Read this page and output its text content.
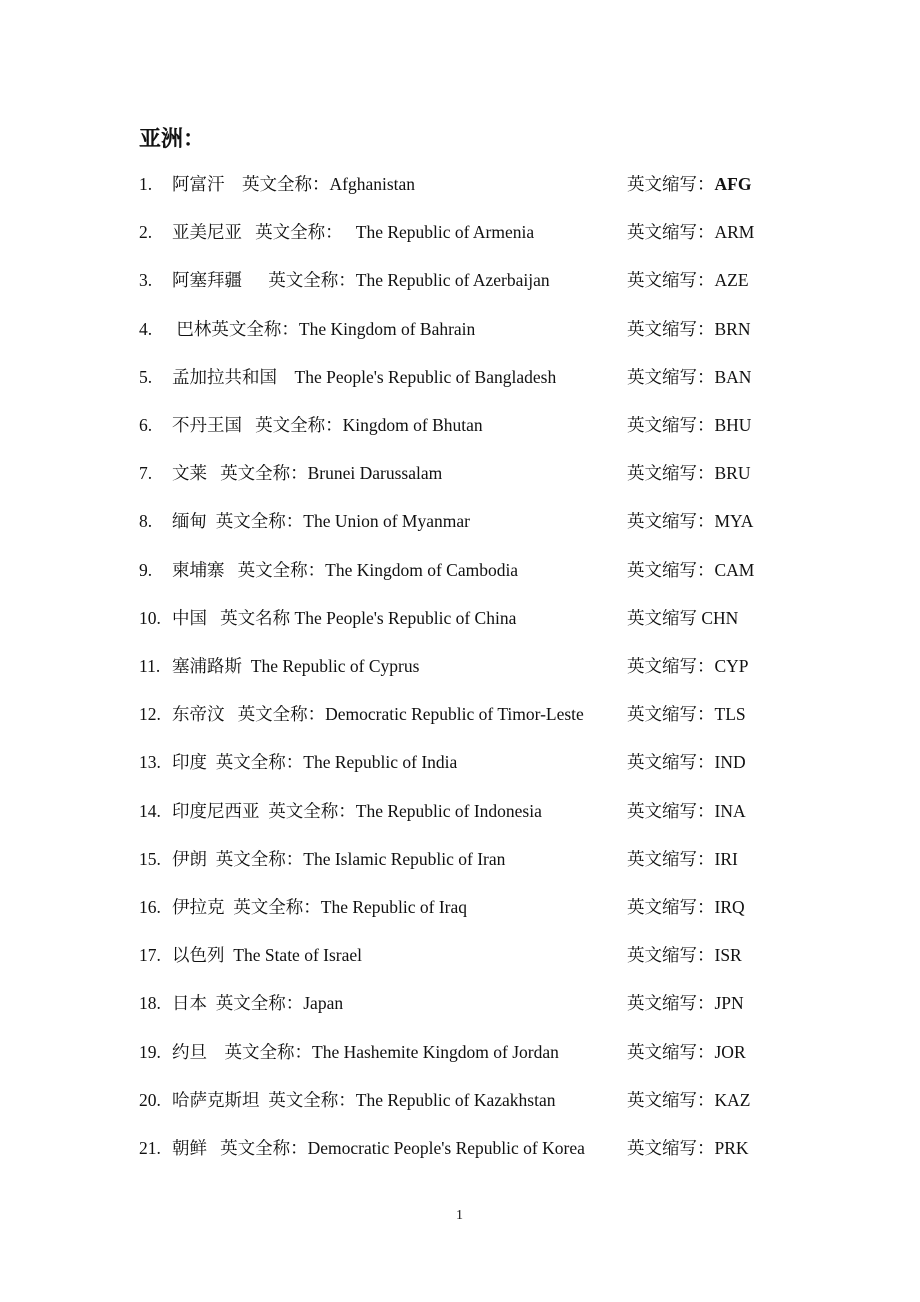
亚洲：
1. 阿富汗    英文全称：Afghanistan	英文缩写：AFG
2. 亚美尼亚   英文全称：   The Republic of Armenia	英文缩写：ARM
3. 阿塞拜疆      英文全称：The Republic of Azerbaijan	英文缩写：AZE
4. 巴林英文全称：The Kingdom of Bahrain	英文缩写：BRN
5. 孟加拉共和国    The People's Republic of Bangladesh	英文缩写：BAN
6. 不丹王国   英文全称：Kingdom of Bhutan	英文缩写：BHU
7. 文莱   英文全称：Brunei Darussalam	英文缩写：BRU
8. 缅甸  英文全称：The Union of Myanmar	英文缩写：MYA
9. 柬埔寨   英文全称：The Kingdom of Cambodia	英文缩写：CAM
10. 中国   英文名称 The People's Republic of China	英文缩写 CHN
11. 塞浦路斯  The Republic of Cyprus	英文缩写：CYP
12. 东帝汶   英文全称：Democratic Republic of Timor-Leste 英文缩写：TLS
13. 印度  英文全称：The Republic of India	英文缩写：IND
14. 印度尼西亚  英文全称：The Republic of Indonesia	英文缩写：INA
15. 伊朗  英文全称：The Islamic Republic of Iran	英文缩写：IRI
16. 伊拉克  英文全称：The Republic of Iraq	英文缩写：IRQ
17. 以色列  The State of Israel	英文缩写：ISR
18. 日本  英文全称：Japan	英文缩写：JPN
19. 约旦    英文全称：The Hashemite Kingdom of Jordan	英文缩写：JOR
20. 哈萨克斯坦  英文全称：The Republic of Kazakhstan	英文缩写：KAZ
21. 朝鲜   英文全称：Democratic People's Republic of Korea 英文缩写：PRK
1
